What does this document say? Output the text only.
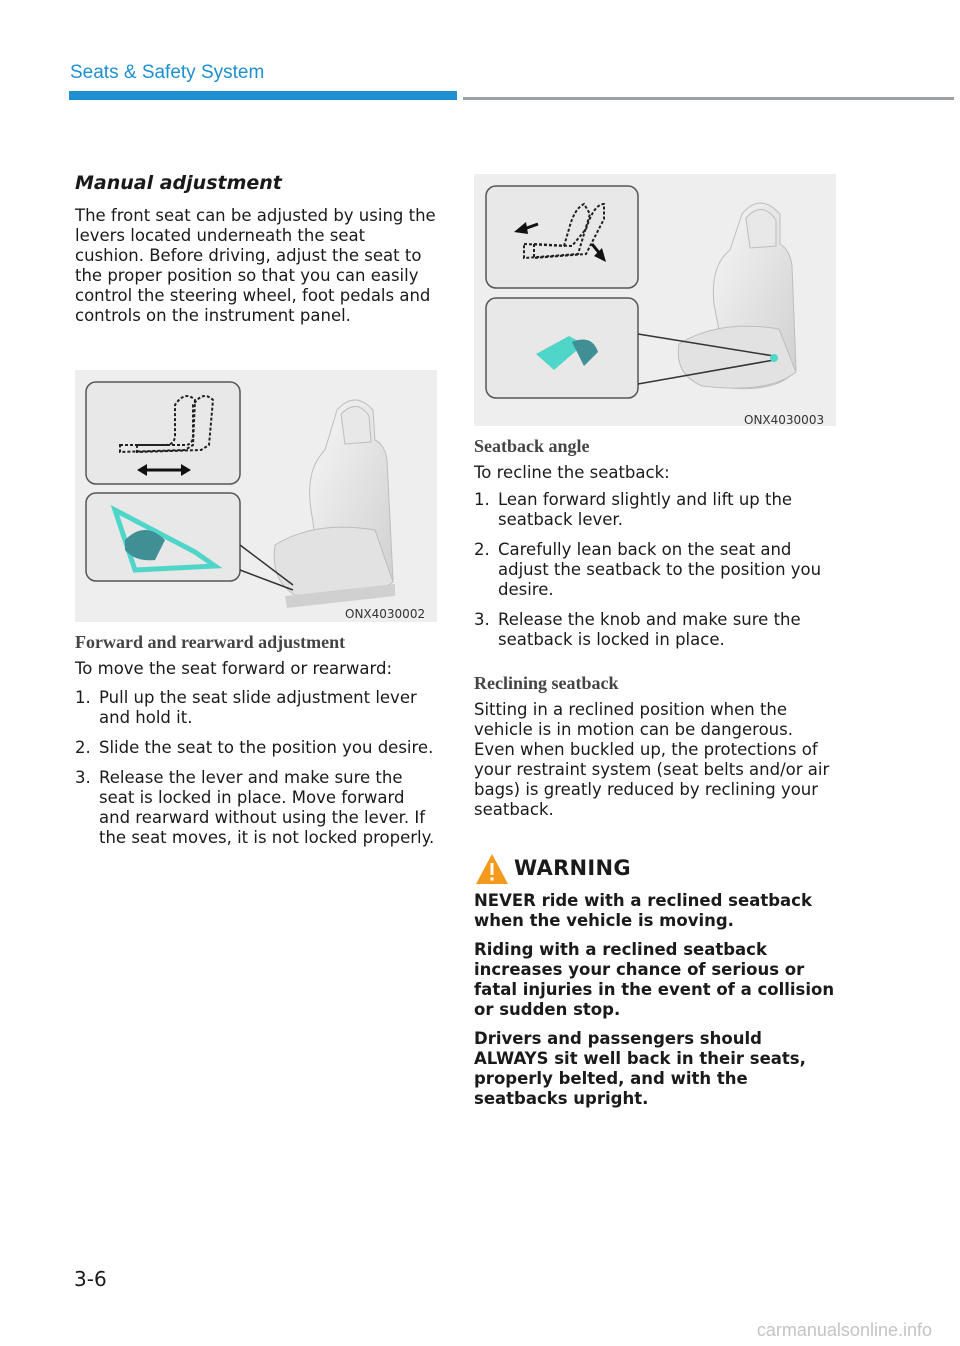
Seats & Safety System
Manual adjustment
The front seat can be adjusted by using the levers located underneath the seat cushion. Before driving, adjust the seat to the proper position so that you can easily control the steering wheel, foot pedals and controls on the instrument panel.
ONX4030002
Forward and rearward adjustment
To move the seat forward or rearward:
1. Pull up the seat slide adjustment lever and hold it.
2. Slide the seat to the position you desire.
3. Release the lever and make sure the seat is locked in place. Move forward and rearward without using the lever. If the seat moves, it is not locked properly.
ONX4030003
Seatback angle
To recline the seatback:
1. Lean forward slightly and lift up the seatback lever.
2. Carefully lean back on the seat and adjust the seatback to the position you desire.
3. Release the knob and make sure the seatback is locked in place.
Reclining seatback
Sitting in a reclined position when the vehicle is in motion can be dangerous. Even when buckled up, the protections of your restraint system (seat belts and/or air bags) is greatly reduced by reclining your seatback.
WARNING

NEVER ride with a reclined seatback when the vehicle is moving.

Riding with a reclined seatback increases your chance of serious or fatal injuries in the event of a collision or sudden stop.

Drivers and passengers should ALWAYS sit well back in their seats, properly belted, and with the seatbacks upright.

3-6
carmanualsonline.info
